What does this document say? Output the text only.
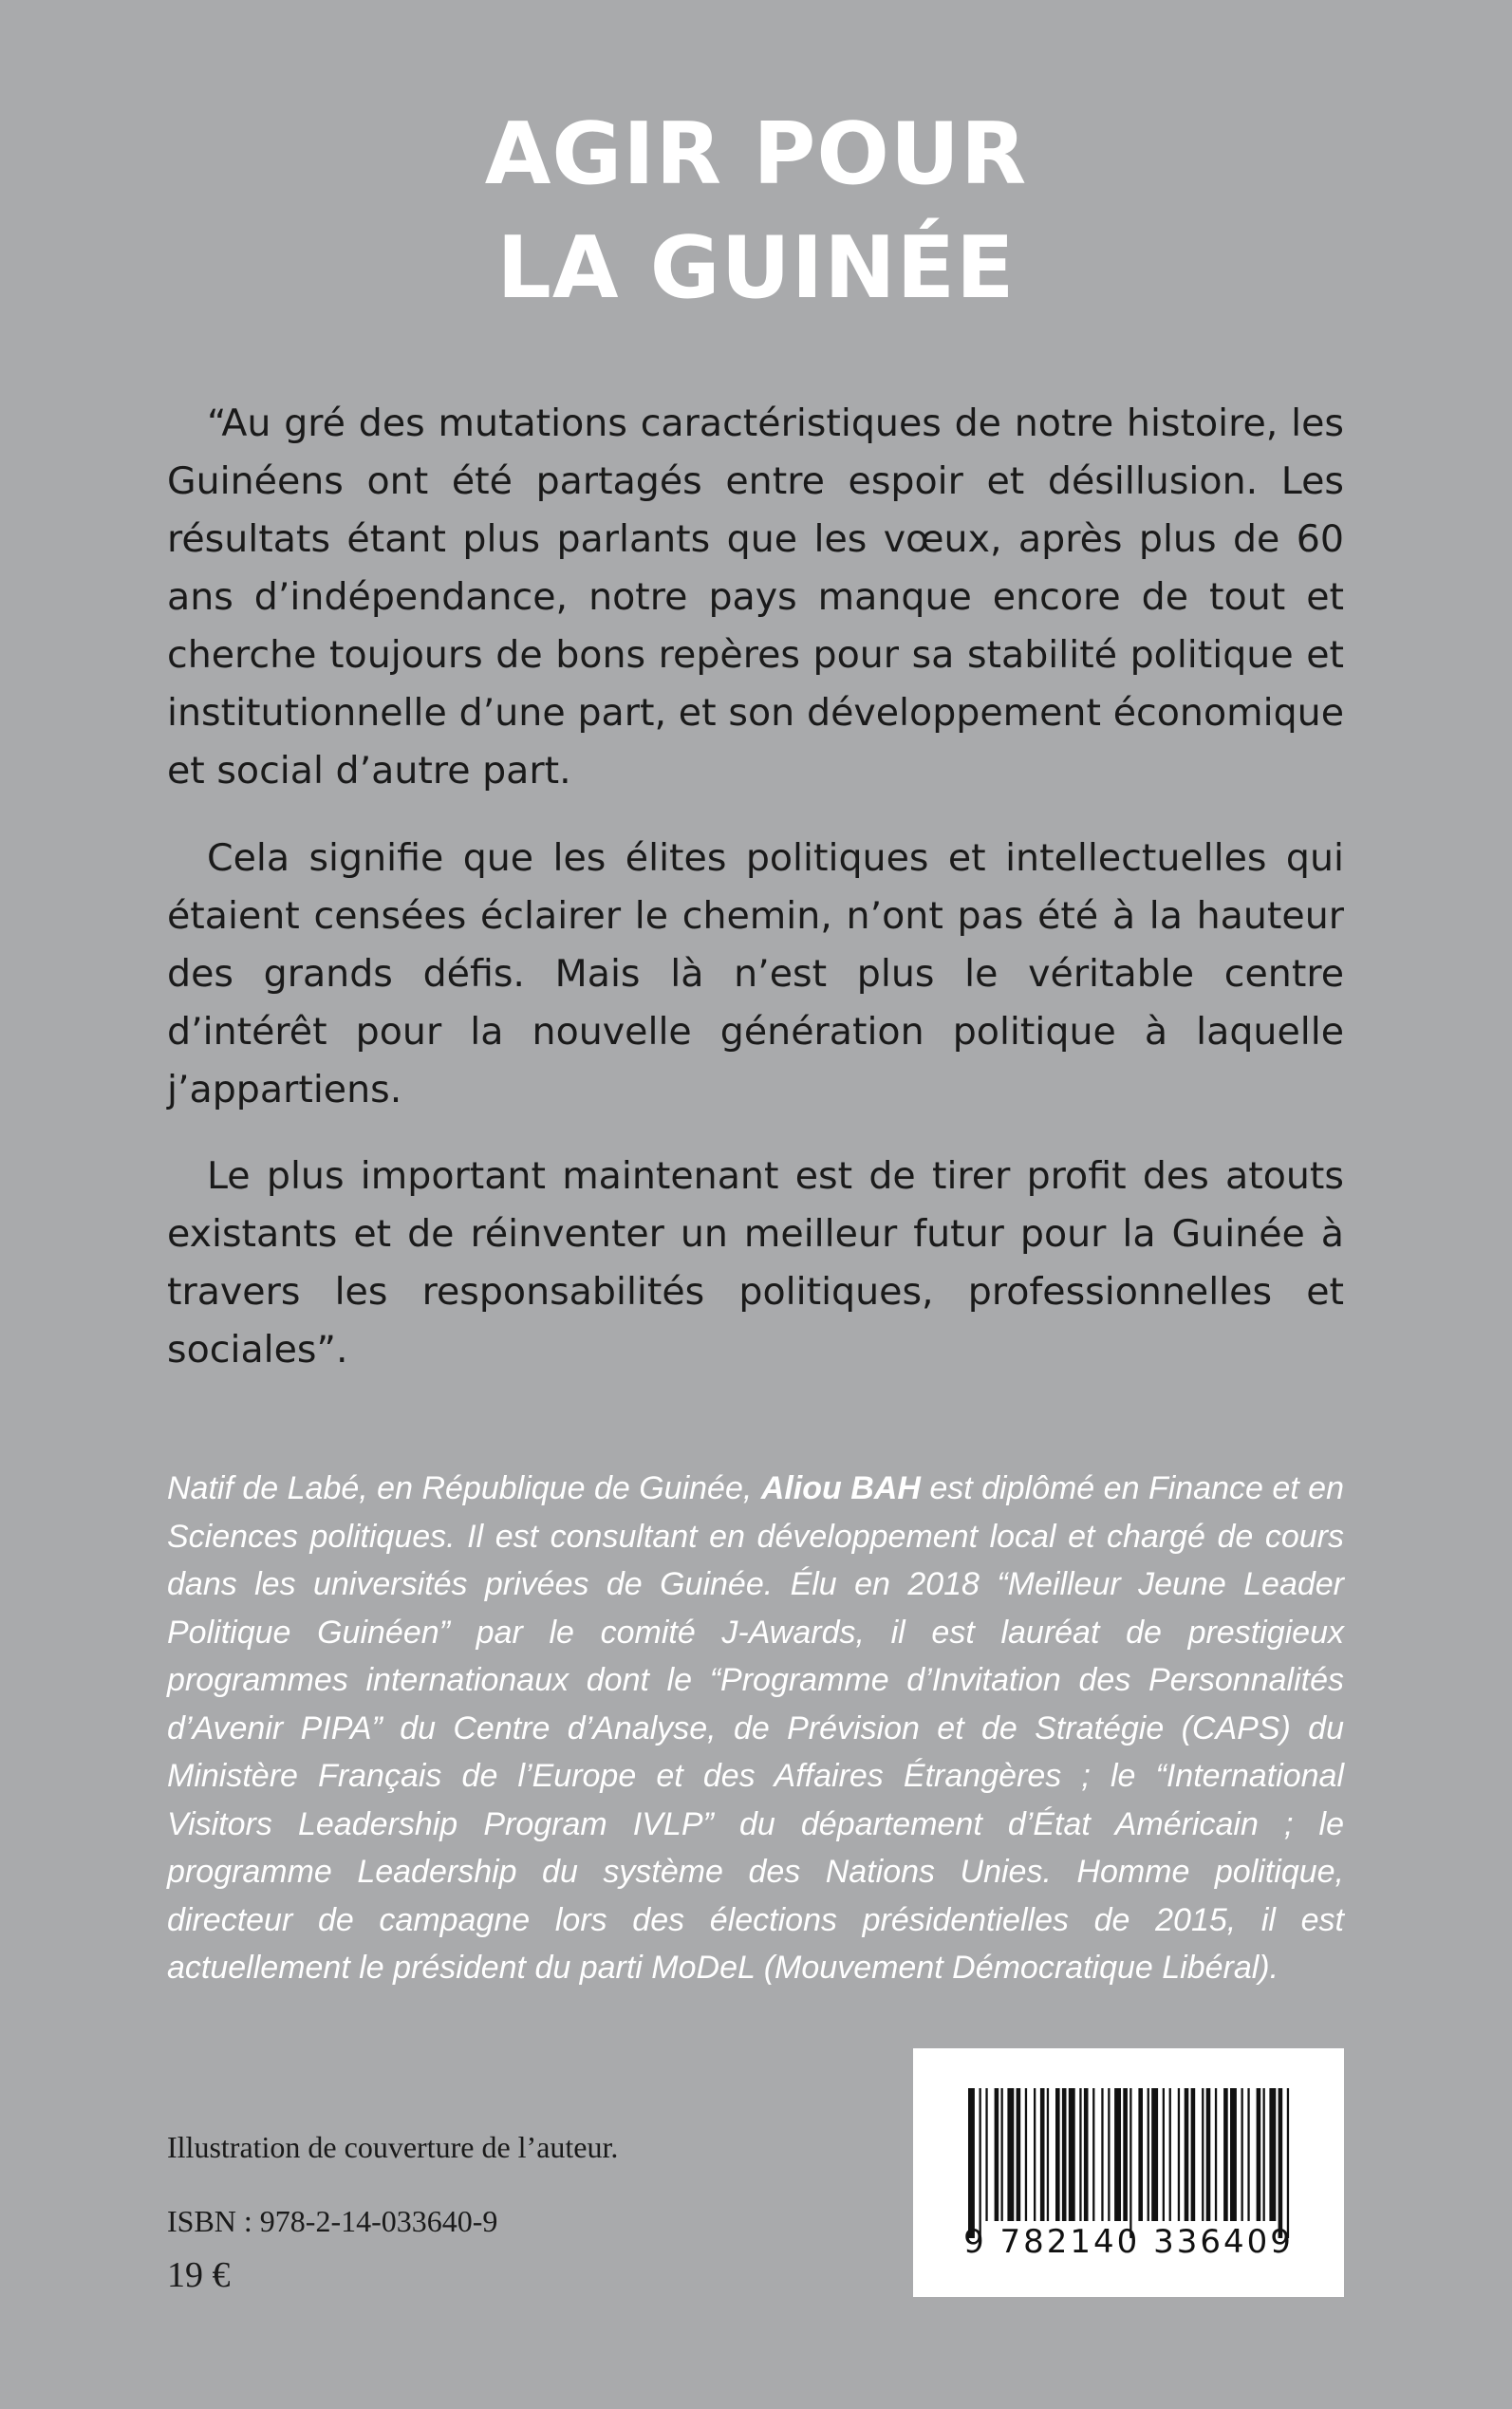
AGIR POUR
LA GUINÉE

“Au gré des mutations caractéristiques de notre histoire, les Guinéens ont été partagés entre espoir et désillusion. Les résultats étant plus parlants que les vœux, après plus de 60 ans d’indépendance, notre pays manque encore de tout et cherche toujours de bons repères pour sa stabilité politique et institutionnelle d’une part, et son développement économique et social d’autre part.

Cela signifie que les élites politiques et intellectuelles qui étaient censées éclairer le chemin, n’ont pas été à la hauteur des grands défis. Mais là n’est plus le véritable centre d’intérêt pour la nouvelle génération politique à laquelle j’appartiens.

Le plus important maintenant est de tirer profit des atouts existants et de réinventer un meilleur futur pour la Guinée à travers les responsabilités politiques, professionnelles et sociales”.

Natif de Labé, en République de Guinée, Aliou BAH est diplômé en Finance et en Sciences politiques. Il est consultant en développement local et chargé de cours dans les universités privées de Guinée. Élu en 2018 “Meilleur Jeune Leader Politique Guinéen” par le comité J-Awards, il est lauréat de prestigieux programmes internationaux dont le “Programme d’Invitation des Personnalités d’Avenir PIPA” du Centre d’Analyse, de Prévision et de Stratégie (CAPS) du Ministère Français de l’Europe et des Affaires Étrangères ; le “International Visitors Leadership Program IVLP” du département d’État Américain ; le programme Leadership du système des Nations Unies. Homme politique, directeur de campagne lors des élections présidentielles de 2015, il est actuellement le président du parti MoDeL (Mouvement Démocratique Libéral).

Illustration de couverture de l’auteur.

ISBN : 978-2-14-033640-9

19 €

9 782140 336409
